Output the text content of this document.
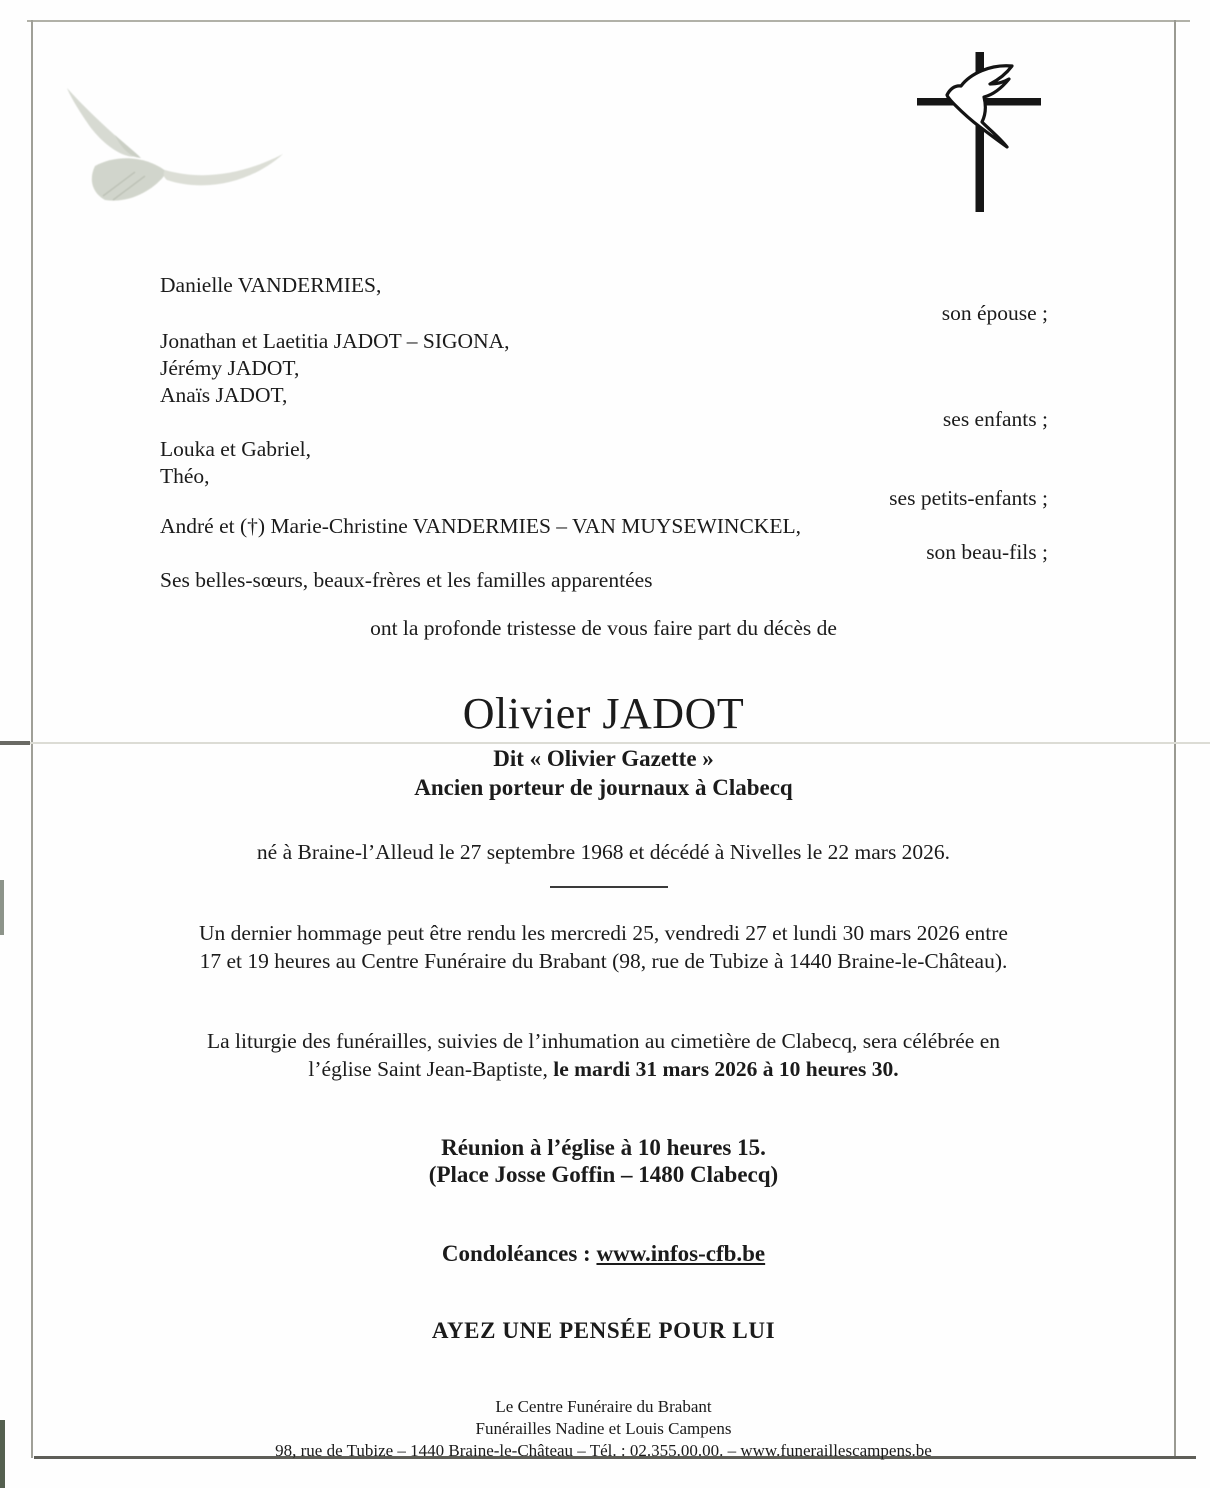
Danielle VANDERMIES,
son épouse ;
Jonathan et Laetitia JADOT – SIGONA,
Jérémy JADOT,
Anaïs JADOT,
ses enfants ;
Louka et Gabriel,
Théo,
ses petits-enfants ;
André et (†) Marie-Christine VANDERMIES – VAN MUYSEWINCKEL,
son beau-fils ;
Ses belles-sœurs, beaux-frères et les familles apparentées
ont la profonde tristesse de vous faire part du décès de
Olivier JADOT
Dit « Olivier Gazette »
Ancien porteur de journaux à Clabecq
né à Braine-l’Alleud le 27 septembre 1968 et décédé à Nivelles le 22 mars 2026.
Un dernier hommage peut être rendu les mercredi 25, vendredi 27 et lundi 30 mars 2026 entre
17 et 19 heures au Centre Funéraire du Brabant (98, rue de Tubize à 1440 Braine-le-Château).
La liturgie des funérailles, suivies de l’inhumation au cimetière de Clabecq, sera célébrée en
l’église Saint Jean-Baptiste, le mardi 31 mars 2026 à 10 heures 30.
Réunion à l’église à 10 heures 15.
(Place Josse Goffin – 1480 Clabecq)
Condoléances : www.infos-cfb.be
AYEZ UNE PENSÉE POUR LUI
Le Centre Funéraire du Brabant
Funérailles Nadine et Louis Campens
98, rue de Tubize – 1440 Braine-le-Château – Tél. : 02.355.00.00. – www.funeraillescampens.be
